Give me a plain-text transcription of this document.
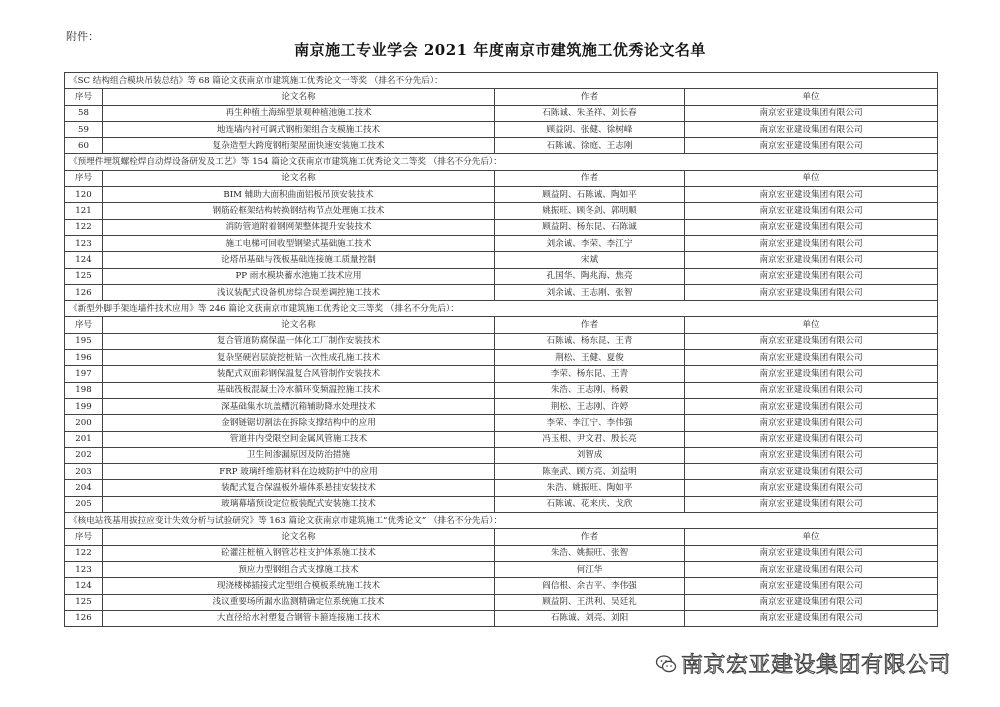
附件：
南京施工专业学会 2021 年度南京市建筑施工优秀论文名单
《SC 结构组合模块吊装总结》等 68 篇论文获南京市建筑施工优秀论文一等奖 （排名不分先后）：			
序号	论文名称	作者	单位
58	再生种植土海绵型景观种植池施工技术	石陈诚、朱圣祥、刘长春	南京宏亚建设集团有限公司
59	地连墙内衬可调式钢桁架组合支模施工技术	顾益阴、张健、徐树峰	南京宏亚建设集团有限公司
60	复杂造型大跨度钢桁架屋面快速安装施工技术	石陈诚、徐庭、王志刚	南京宏亚建设集团有限公司
《预埋件埋筑螺栓焊自动焊设备研发及工艺》等 154 篇论文获南京市建筑施工优秀论文二等奖 （排名不分先后）：			
序号	论文名称	作者	单位
120	BIM 辅助大面积曲面铝板吊顶安装技术	顾益阴、石陈诚、陶如平	南京宏亚建设集团有限公司
121	钢筋砼框架结构转换钢结构节点处理施工技术	姚振旺、顾冬剑、郭明顺	南京宏亚建设集团有限公司
122	消防管道附着钢网架整体提升安装技术	顾益阴、杨东昆、石陈诚	南京宏亚建设集团有限公司
123	施工电梯可回收型钢梁式基础施工技术	刘余诚、李荣、李江宁	南京宏亚建设集团有限公司
124	论塔吊基础与筏板基础连接施工质量控制	宋斌	南京宏亚建设集团有限公司
125	PP 雨水模块蓄水池施工技术应用	孔国华、陶兆海、焦亮	南京宏亚建设集团有限公司
126	浅议装配式设备机房综合误差调控施工技术	刘余诚、王志刚、张智	南京宏亚建设集团有限公司
《新型外脚手架连墙件技术应用》等 246 篇论文获南京市建筑施工优秀论文三等奖 （排名不分先后）：			
序号	论文名称	作者	单位
195	复合管道防腐保温一体化工厂制作安装技术	石陈诚、杨东昆、王青	南京宏亚建设集团有限公司
196	复杂坚硬岩层旋挖桩钻一次性成孔施工技术	荆松、王健、夏俊	南京宏亚建设集团有限公司
197	装配式双面彩钢保温复合风管制作安装技术	李荣、杨东昆、王青	南京宏亚建设集团有限公司
198	基础筏板混凝土冷水循环变频温控施工技术	朱浩、王志刚、杨毅	南京宏亚建设集团有限公司
199	深基础集水坑盖槽沉箱辅助降水处理技术	荆松、王志刚、许婷	南京宏亚建设集团有限公司
200	金钢链锯切割法在拆除支撑结构中的应用	李荣、李江宁、李伟强	南京宏亚建设集团有限公司
201	管道井内受限空间金属风管施工技术	冯玉根、尹文君、殷长亮	南京宏亚建设集团有限公司
202	卫生间渗漏原因及防治措施	刘智成	南京宏亚建设集团有限公司
203	FRP 玻璃纤维筋材料在边坡防护中的应用	陈奎武、顾方亮、刘益明	南京宏亚建设集团有限公司
204	装配式复合保温板外墙体系悬挂安装技术	朱浩、姚振旺、陶如平	南京宏亚建设集团有限公司
205	玻璃幕墙预设定位板装配式安装施工技术	石陈诚、花来庆、戈欣	南京宏亚建设集团有限公司
《核电站筏基用拔拉应变计失效分析与试验研究》等 163 篇论文获南京市建筑施工“优秀论文” （排名不分先后）：			
序号	论文名称	作者	单位
122	砼灌注桩植入钢管芯柱支护体系施工技术	朱浩、姚振旺、张智	南京宏亚建设集团有限公司
123	预应力型钢组合式支撑施工技术	何江华	南京宏亚建设集团有限公司
124	现浇楼梯插接式定型组合模板系统施工技术	阎信根、余吉平、李伟强	南京宏亚建设集团有限公司
125	浅议重要场所漏水监测精确定位系统施工技术	顾益阴、王洪利、吴廷礼	南京宏亚建设集团有限公司
126	大直径给水衬塑复合钢管卡箍连接施工技术	石陈诚、刘亮、刘阳	南京宏亚建设集团有限公司
南京宏亚建设集团有限公司
